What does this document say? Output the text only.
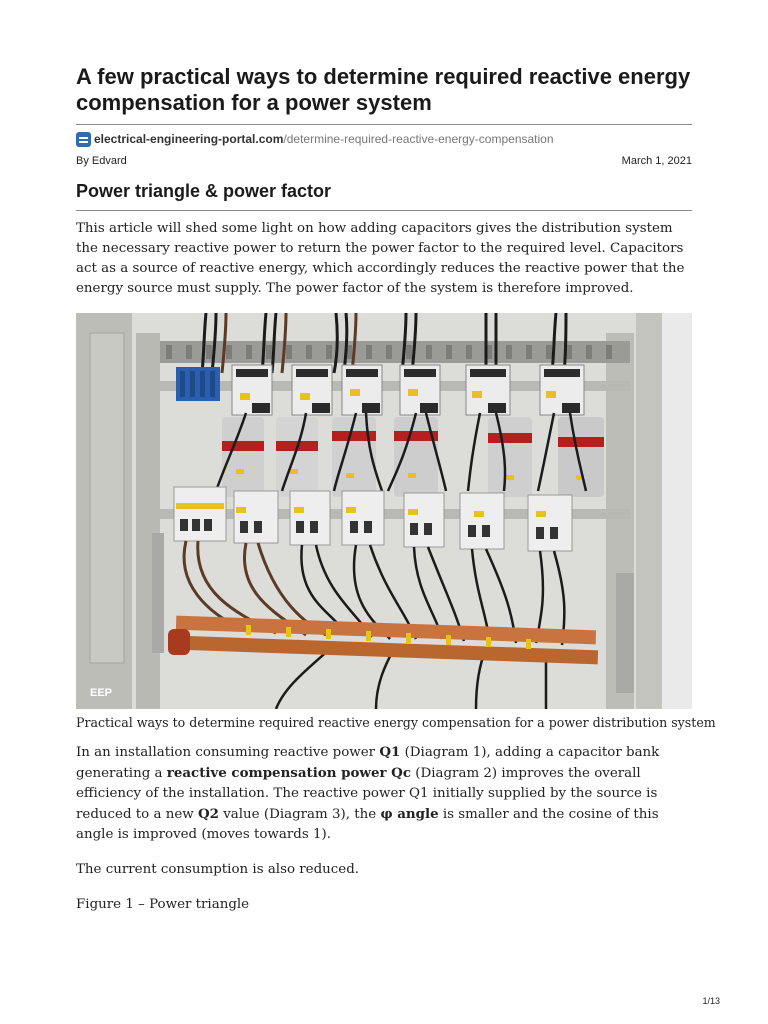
A few practical ways to determine required reactive energy compensation for a power system
electrical-engineering-portal.com /determine-required-reactive-energy-compensation
By Edvard	March 1, 2021
Power triangle & power factor

This article will shed some light on how adding capacitors gives the distribution system the necessary reactive power to return the power factor to the required level. Capacitors act as a source of reactive energy, which accordingly reduces the reactive power that the energy source must supply. The power factor of the system is therefore improved.

EEP
Practical ways to determine required reactive energy compensation for a power distribution system

In an installation consuming reactive power Q1 (Diagram 1), adding a capacitor bank generating a reactive compensation power Qc (Diagram 2) improves the overall efficiency of the installation. The reactive power Q1 initially supplied by the source is reduced to a new Q2 value (Diagram 3), the φ angle is smaller and the cosine of this angle is improved (moves towards 1).

The current consumption is also reduced.

Figure 1 – Power triangle

1/13
